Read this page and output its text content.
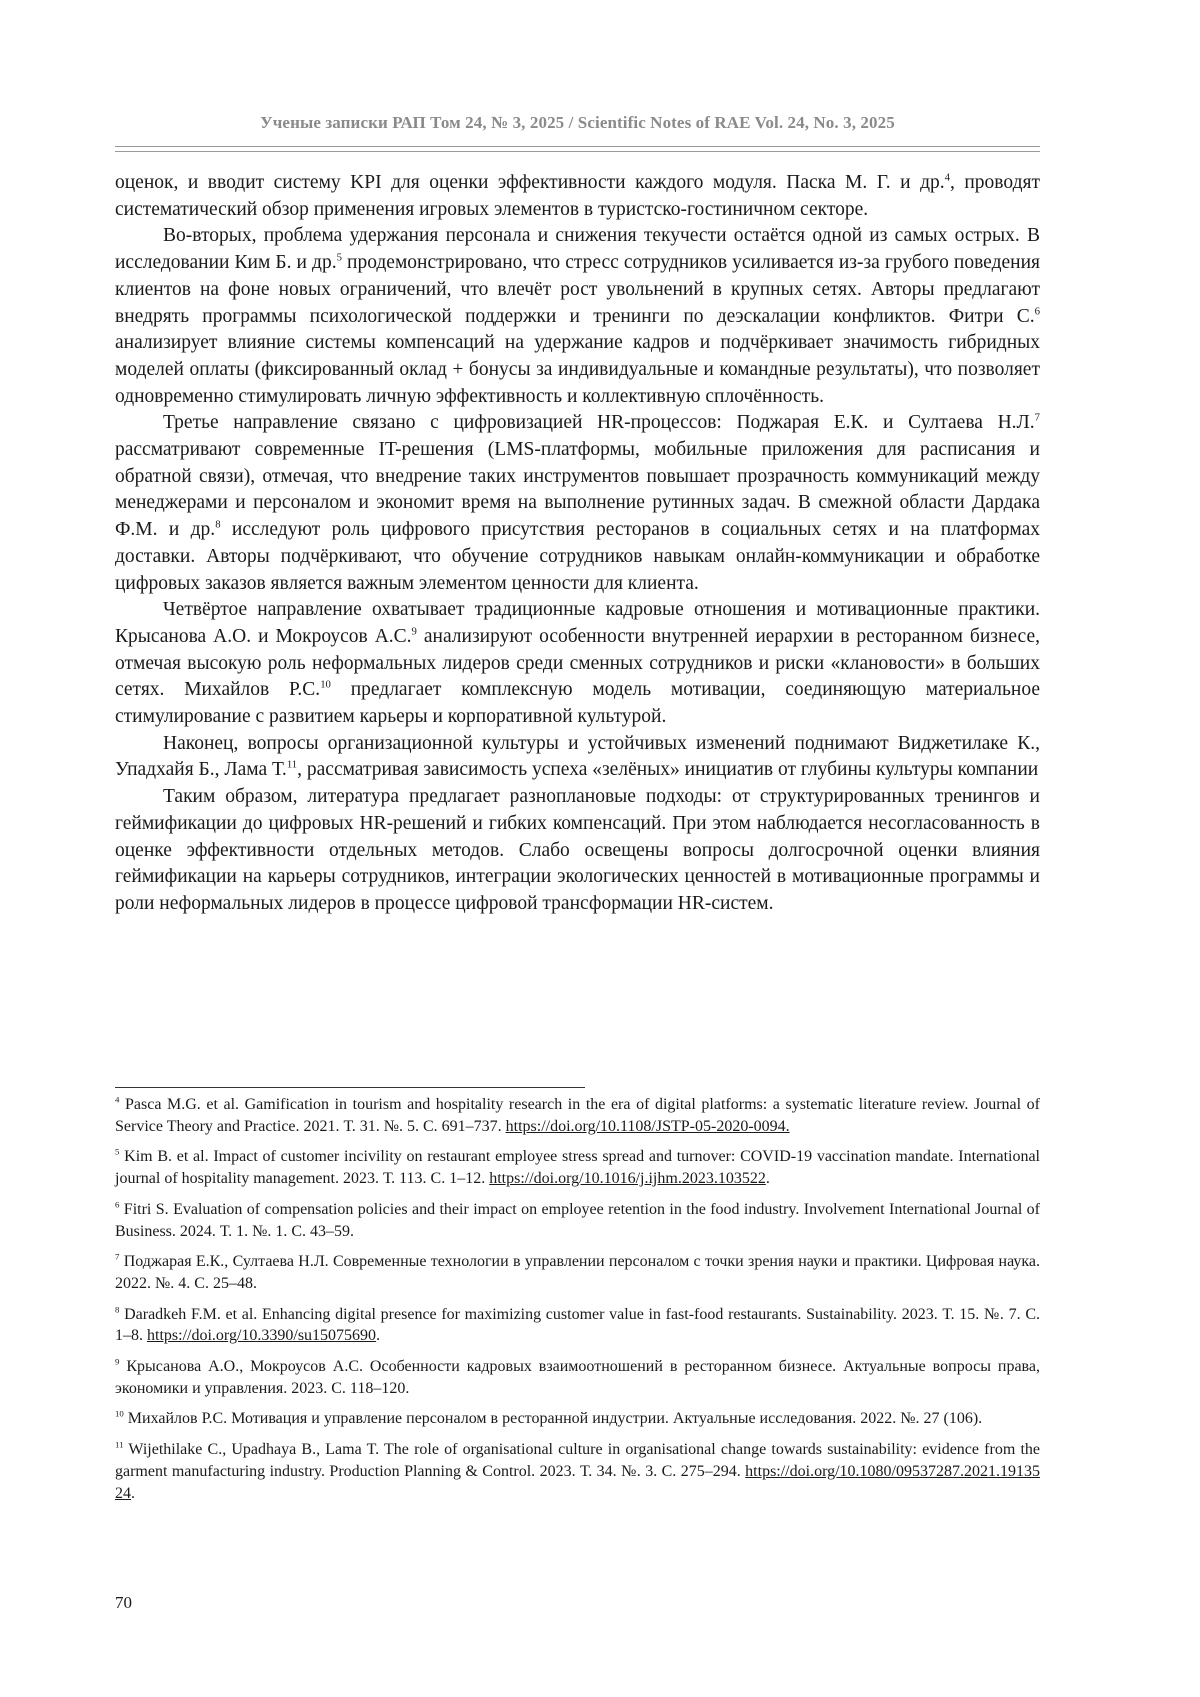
Ученые записки РАП Том 24, № 3, 2025 / Scientific Notes of RAE Vol. 24, No. 3, 2025

оценок, и вводит систему KPI для оценки эффективности каждого модуля. Паска М. Г. и др.$^4$, проводят систематический обзор применения игровых элементов в туристско-гостиничном секторе.

Во-вторых, проблема удержания персонала и снижения текучести остаётся одной из самых острых. В исследовании Ким Б. и др.$^5$ продемонстрировано, что стресс сотрудников усиливается из-за грубого поведения клиентов на фоне новых ограничений, что влечёт рост увольнений в крупных сетях. Авторы предлагают внедрять программы психологической поддержки и тренинги по деэскалации конфликтов. Фитри С.$^6$ анализирует влияние системы компенсаций на удержание кадров и подчёркивает значимость гибридных моделей оплаты (фиксированный оклад + бонусы за индивидуальные и командные результаты), что позволяет одновременно стимулировать личную эффективность и коллективную сплочённость.

Третье направление связано с цифровизацией HR-процессов: Поджарая Е.К. и Султаева Н.Л.$^7$ рассматривают современные IT-решения (LMS-платформы, мобильные приложения для расписания и обратной связи), отмечая, что внедрение таких инструментов повышает прозрачность коммуникаций между менеджерами и персоналом и экономит время на выполнение рутинных задач. В смежной области Дардака Ф.М. и др.$^8$ исследуют роль цифрового присутствия ресторанов в социальных сетях и на платформах доставки. Авторы подчёркивают, что обучение сотрудников навыкам онлайн-коммуникации и обработке цифровых заказов является важным элементом ценности для клиента.

Четвёртое направление охватывает традиционные кадровые отношения и мотивационные практики. Крысанова А.О. и Мокроусов А.С.$^9$ анализируют особенности внутренней иерархии в ресторанном бизнесе, отмечая высокую роль неформальных лидеров среди сменных сотрудников и риски «клановости» в больших сетях. Михайлов Р.С.$^{10}$ предлагает комплексную модель мотивации, соединяющую материальное стимулирование с развитием карьеры и корпоративной культурой.

Наконец, вопросы организационной культуры и устойчивых изменений поднимают Виджетилаке К., Упадхайя Б., Лама Т.$^{11}$, рассматривая зависимость успеха «зелёных» инициатив от глубины культуры компании

Таким образом, литература предлагает разноплановые подходы: от структурированных тренингов и геймификации до цифровых HR-решений и гибких компенсаций. При этом наблюдается несогласованность в оценке эффективности отдельных методов. Слабо освещены вопросы долгосрочной оценки влияния геймификации на карьеры сотрудников, интеграции экологических ценностей в мотивационные программы и роли неформальных лидеров в процессе цифровой трансформации HR-систем.

$^4$ Pasca M.G. et al. Gamification in tourism and hospitality research in the era of digital platforms: a systematic literature review. Journal of Service Theory and Practice. 2021. Т. 31. №. 5. С. 691–737. https://doi.org/10.1108/JSTP-05-2020-0094.

$^5$ Kim B. et al. Impact of customer incivility on restaurant employee stress spread and turnover: COVID-19 vaccination mandate. International journal of hospitality management. 2023. Т. 113. С. 1–12. https://doi.org/10.1016/j.ijhm.2023.103522.

$^6$ Fitri S. Evaluation of compensation policies and their impact on employee retention in the food industry. Involvement International Journal of Business. 2024. Т. 1. №. 1. С. 43–59.

$^7$ Поджарая Е.К., Султаева Н.Л. Современные технологии в управлении персоналом с точки зрения науки и практики. Цифровая наука. 2022. №. 4. С. 25–48.

$^8$ Daradkeh F.M. et al. Enhancing digital presence for maximizing customer value in fast-food restaurants. Sustainability. 2023. Т. 15. №. 7. С. 1–8. https://doi.org/10.3390/su15075690.

$^9$ Крысанова А.О., Мокроусов А.С. Особенности кадровых взаимоотношений в ресторанном бизнесе. Актуальные вопросы права, экономики и управления. 2023. С. 118–120.

$^{10}$ Михайлов Р.С. Мотивация и управление персоналом в ресторанной индустрии. Актуальные исследования. 2022. №. 27 (106).

$^{11}$ Wijethilake C., Upadhaya B., Lama T. The role of organisational culture in organisational change towards sustainability: evidence from the garment manufacturing industry. Production Planning & Control. 2023. Т. 34. №. 3. С. 275–294. https://doi.org/10.1080/09537287.2021.1913524.

70
